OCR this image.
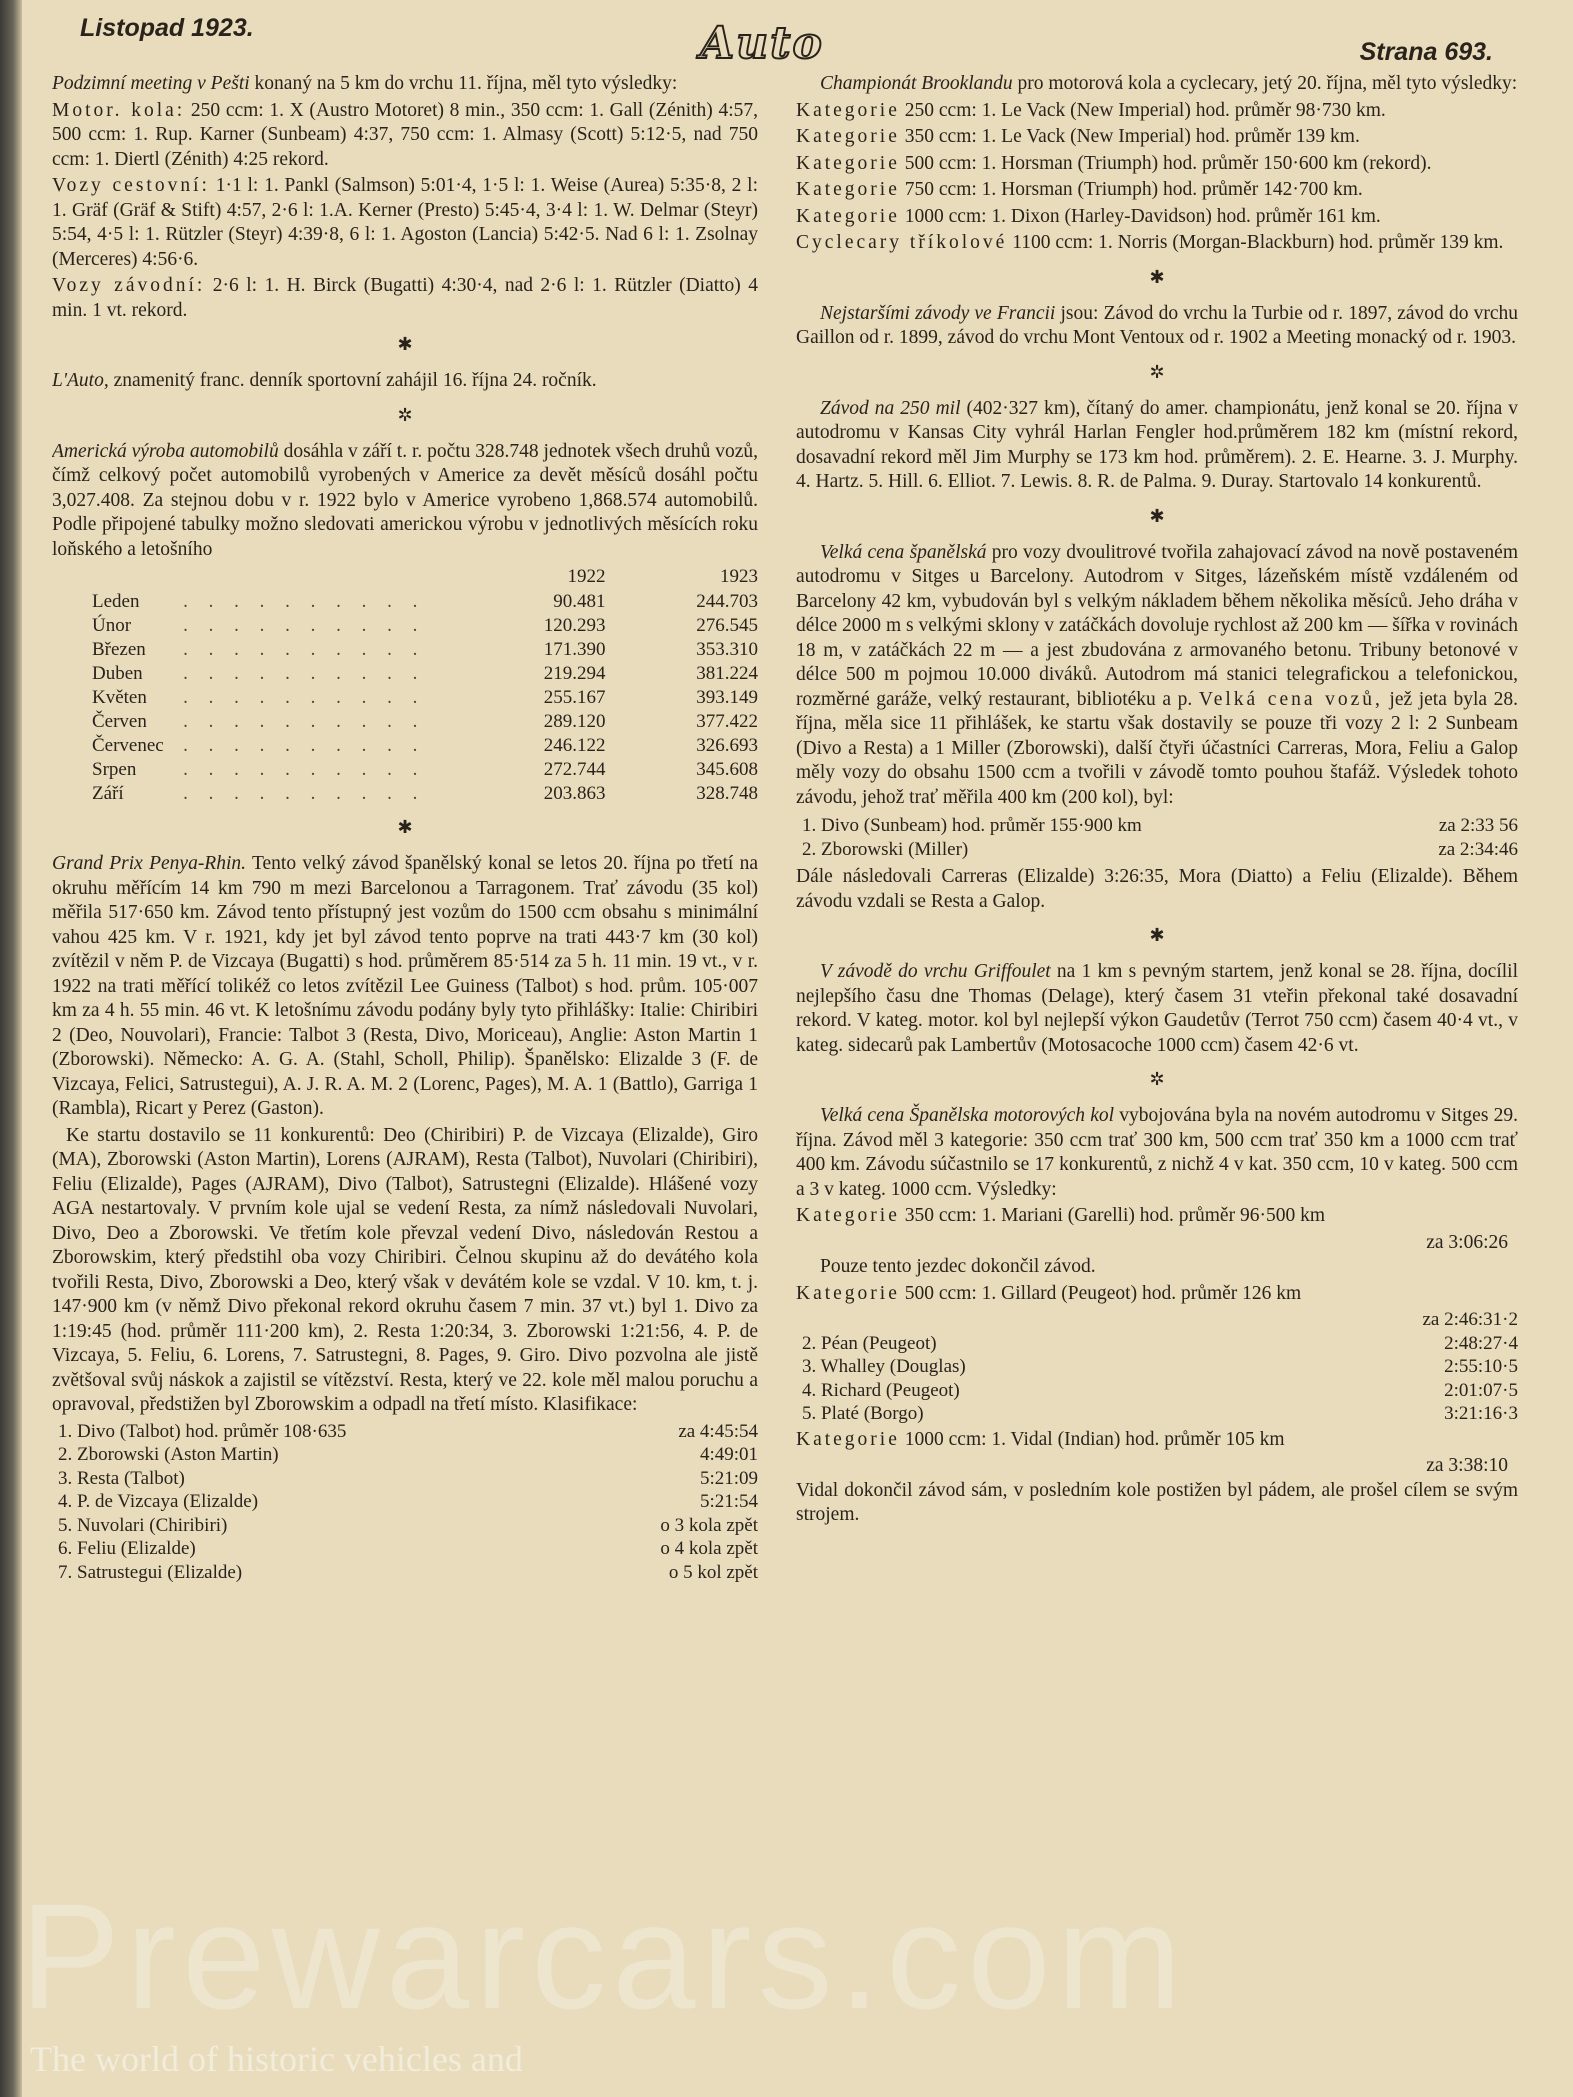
Listopad 1923.	Auto	Strana 693.

Podzimní meeting v Pešti konaný na 5 km do vrchu 11. října, měl tyto výsledky:

Motor. kola: 250 ccm: 1. X (Austro Motoret) 8 min., 350 ccm: 1. Gall (Zénith) 4:57, 500 ccm: 1. Rup. Karner (Sunbeam) 4:37, 750 ccm: 1. Almasy (Scott) 5:12·5, nad 750 ccm: 1. Diertl (Zénith) 4:25 rekord.

Vozy cestovní: 1·1 l: 1. Pankl (Salmson) 5:01·4, 1·5 l: 1. Weise (Aurea) 5:35·8, 2 l: 1. Gräf (Gräf & Stift) 4:57, 2·6 l: 1.A. Kerner (Presto) 5:45·4, 3·4 l: 1. W. Delmar (Steyr) 5:54, 4·5 l: 1. Rützler (Steyr) 4:39·8, 6 l: 1. Agoston (Lancia) 5:42·5. Nad 6 l: 1. Zsolnay (Merceres) 4:56·6.

Vozy závodní: 2·6 l: 1. H. Birck (Bugatti) 4:30·4, nad 2·6 l: 1. Rützler (Diatto) 4 min. 1 vt. rekord.

✱

L'Auto, znamenitý franc. denník sportovní zahájil 16. října 24. ročník.

✲

Americká výroba automobilů dosáhla v září t. r. počtu 328.748 jednotek všech druhů vozů, čímž celkový počet automobilů vyrobených v Americe za devět měsíců dosáhl počtu 3,027.408. Za stejnou dobu v r. 1922 bylo v Americe vyrobeno 1,868.574 automobilů. Podle připojené tabulky možno sledovati americkou výrobu v jednotlivých měsících roku loňského a letošního

		1922	1923
Leden	. . . . . . . . . .	90.481	244.703
Únor	. . . . . . . . . .	120.293	276.545
Březen	. . . . . . . . . .	171.390	353.310
Duben	. . . . . . . . . .	219.294	381.224
Květen	. . . . . . . . . .	255.167	393.149
Červen	. . . . . . . . . .	289.120	377.422
Červenec	. . . . . . . . . .	246.122	326.693
Srpen	. . . . . . . . . .	272.744	345.608
Září	. . . . . . . . . .	203.863	328.748
✱

Grand Prix Penya-Rhin. Tento velký závod španělský konal se letos 20. října po třetí na okruhu měřícím 14 km 790 m mezi Barcelonou a Tarragonem. Trať závodu (35 kol) měřila 517·650 km. Závod tento přístupný jest vozům do 1500 ccm obsahu s minimální vahou 425 km. V r. 1921, kdy jet byl závod tento poprve na trati 443·7 km (30 kol) zvítězil v něm P. de Vizcaya (Bugatti) s hod. průměrem 85·514 za 5 h. 11 min. 19 vt., v r. 1922 na trati měřící tolikéž co letos zvítězil Lee Guiness (Talbot) s hod. prům. 105·007 km za 4 h. 55 min. 46 vt. K letošnímu závodu podány byly tyto přihlášky: Italie: Chiribiri 2 (Deo, Nouvolari), Francie: Talbot 3 (Resta, Divo, Moriceau), Anglie: Aston Martin 1 (Zborowski). Německo: A. G. A. (Stahl, Scholl, Philip). Španělsko: Elizalde 3 (F. de Vizcaya, Felici, Satrustegui), A. J. R. A. M. 2 (Lorenc, Pages), M. A. 1 (Battlo), Garriga 1 (Rambla), Ricart y Perez (Gaston).

Ke startu dostavilo se 11 konkurentů: Deo (Chiribiri) P. de Vizcaya (Elizalde), Giro (MA), Zborowski (Aston Martin), Lorens (AJRAM), Resta (Talbot), Nuvolari (Chiribiri), Feliu (Elizalde), Pages (AJRAM), Divo (Talbot), Satrustegni (Elizalde). Hlášené vozy AGA nestartovaly. V prvním kole ujal se vedení Resta, za nímž následovali Nuvolari, Divo, Deo a Zborowski. Ve třetím kole převzal vedení Divo, následován Restou a Zborowskim, který předstihl oba vozy Chiribiri. Čelnou skupinu až do devátého kola tvořili Resta, Divo, Zborowski a Deo, který však v devátém kole se vzdal. V 10. km, t. j. 147·900 km (v němž Divo překonal rekord okruhu časem 7 min. 37 vt.) byl 1. Divo za 1:19:45 (hod. průměr 111·200 km), 2. Resta 1:20:34, 3. Zborowski 1:21:56, 4. P. de Vizcaya, 5. Feliu, 6. Lorens, 7. Satrustegni, 8. Pages, 9. Giro. Divo pozvolna ale jistě zvětšoval svůj náskok a zajistil se vítězství. Resta, který ve 22. kole měl malou poruchu a opravoval, předstižen byl Zborowskim a odpadl na třetí místo. Klasifikace:

1. Divo (Talbot) hod. průměr 108·635	za 4:45:54
2. Zborowski (Aston Martin)	4:49:01
3. Resta (Talbot)	5:21:09
4. P. de Vizcaya (Elizalde)	5:21:54
5. Nuvolari (Chiribiri)	o 3 kola zpět
6. Feliu (Elizalde)	o 4 kola zpět
7. Satrustegui (Elizalde)	o 5 kol zpět

Championát Brooklandu pro motorová kola a cyclecary, jetý 20. října, měl tyto výsledky:

Kategorie 250 ccm: 1. Le Vack (New Imperial) hod. průměr 98·730 km.

Kategorie 350 ccm: 1. Le Vack (New Imperial) hod. průměr 139 km.

Kategorie 500 ccm: 1. Horsman (Triumph) hod. průměr 150·600 km (rekord).

Kategorie 750 ccm: 1. Horsman (Triumph) hod. průměr 142·700 km.

Kategorie 1000 ccm: 1. Dixon (Harley-Davidson) hod. průměr 161 km.

Cyclecary tříkolové 1100 ccm: 1. Norris (Morgan-Blackburn) hod. průměr 139 km.

✱

Nejstaršími závody ve Francii jsou: Závod do vrchu la Turbie od r. 1897, závod do vrchu Gaillon od r. 1899, závod do vrchu Mont Ventoux od r. 1902 a Meeting monacký od r. 1903.

✲

Závod na 250 mil (402·327 km), čítaný do amer. championátu, jenž konal se 20. října v autodromu v Kansas City vyhrál Harlan Fengler hod.průměrem 182 km (místní rekord, dosavadní rekord měl Jim Murphy se 173 km hod. průměrem). 2. E. Hearne. 3. J. Murphy. 4. Hartz. 5. Hill. 6. Elliot. 7. Lewis. 8. R. de Palma. 9. Duray. Startovalo 14 konkurentů.

✱

Velká cena španělská pro vozy dvoulitrové tvořila zahajovací závod na nově postaveném autodromu v Sitges u Barcelony. Autodrom v Sitges, lázeňském místě vzdáleném od Barcelony 42 km, vybudován byl s velkým nákladem během několika měsíců. Jeho dráha v délce 2000 m s velkými sklony v zatáčkách dovoluje rychlost až 200 km — šířka v rovinách 18 m, v zatáčkách 22 m — a jest zbudována z armovaného betonu. Tribuny betonové v délce 500 m pojmou 10.000 diváků. Autodrom má stanici telegrafickou a telefonickou, rozměrné garáže, velký restaurant, bibliotéku a p. Velká cena vozů, jež jeta byla 28. října, měla sice 11 přihlášek, ke startu však dostavily se pouze tři vozy 2 l: 2 Sunbeam (Divo a Resta) a 1 Miller (Zborowski), další čtyři účastníci Carreras, Mora, Feliu a Galop měly vozy do obsahu 1500 ccm a tvořili v závodě tomto pouhou štafáž. Výsledek tohoto závodu, jehož trať měřila 400 km (200 kol), byl:

1. Divo (Sunbeam) hod. průměr 155·900 km	za 2:33 56
2. Zborowski (Miller)	za 2:34:46

Dále následovali Carreras (Elizalde) 3:26:35, Mora (Diatto) a Feliu (Elizalde). Během závodu vzdali se Resta a Galop.

✱

V závodě do vrchu Griffoulet na 1 km s pevným startem, jenž konal se 28. října, docílil nejlepšího času dne Thomas (Delage), který časem 31 vteřin překonal také dosavadní rekord. V kateg. motor. kol byl nejlepší výkon Gaudetův (Terrot 750 ccm) časem 40·4 vt., v kateg. sidecarů pak Lambertův (Motosacoche 1000 ccm) časem 42·6 vt.

✲

Velká cena Španělska motorových kol vybojována byla na novém autodromu v Sitges 29. října. Závod měl 3 kategorie: 350 ccm trať 300 km, 500 ccm trať 350 km a 1000 ccm trať 400 km. Závodu súčastnilo se 17 konkurentů, z nichž 4 v kat. 350 ccm, 10 v kateg. 500 ccm a 3 v kateg. 1000 ccm. Výsledky:

Kategorie 350 ccm: 1. Mariani (Garelli) hod. průměr 96·500 km

za 3:06:26

Pouze tento jezdec dokončil závod.

Kategorie 500 ccm: 1. Gillard (Peugeot) hod. průměr 126 km

	za 2:46:31·2
2. Péan (Peugeot)	2:48:27·4
3. Whalley (Douglas)	2:55:10·5
4. Richard (Peugeot)	2:01:07·5
5. Platé (Borgo)	3:21:16·3

Kategorie 1000 ccm: 1. Vidal (Indian) hod. průměr 105 km

za 3:38:10

Vidal dokončil závod sám, v posledním kole postižen byl pádem, ale prošel cílem se svým strojem.

Prewarcars.com
The world of historic vehicles and
